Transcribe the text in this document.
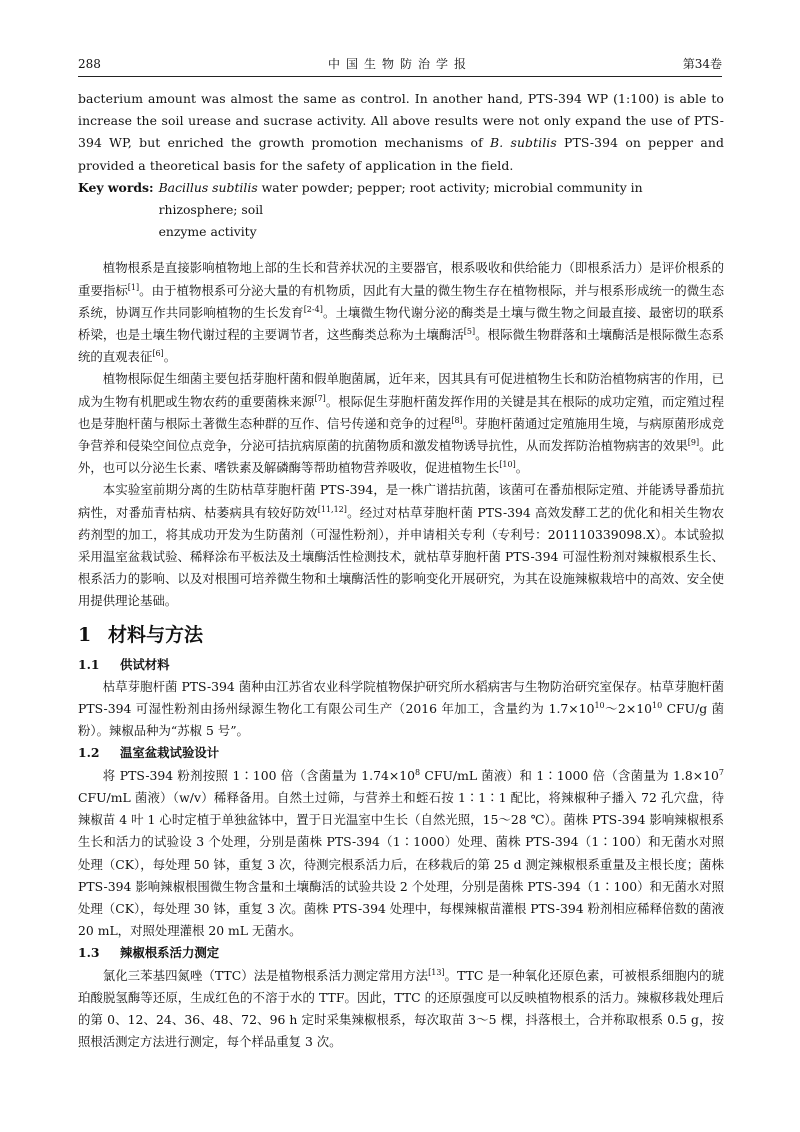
288	中国生物防治学报	第34卷

bacterium amount was almost the same as control. In another hand, PTS-394 WP (1:100) is able to increase the soil urease and sucrase activity. All above results were not only expand the use of PTS-394 WP, but enriched the growth promotion mechanisms of B. subtilis PTS-394 on pepper and provided a theoretical basis for the safety of application in the field.

Key words: Bacillus subtilis water powder; pepper; root activity; microbial community in rhizosphere; soil
enzyme activity

植物根系是直接影响植物地上部的生长和营养状况的主要器官，根系吸收和供给能力（即根系活力）是评价根系的重要指标[1]。由于植物根系可分泌大量的有机物质，因此有大量的微生物生存在植物根际，并与根系形成统一的微生态系统，协调互作共同影响植物的生长发育[2-4]。土壤微生物代谢分泌的酶类是土壤与微生物之间最直接、最密切的联系桥梁，也是土壤生物代谢过程的主要调节者，这些酶类总称为土壤酶活[5]。根际微生物群落和土壤酶活是根际微生态系统的直观表征[6]。

植物根际促生细菌主要包括芽胞杆菌和假单胞菌属，近年来，因其具有可促进植物生长和防治植物病害的作用，已成为生物有机肥或生物农药的重要菌株来源[7]。根际促生芽胞杆菌发挥作用的关键是其在根际的成功定殖，而定殖过程也是芽胞杆菌与根际土著微生态种群的互作、信号传递和竞争的过程[8]。芽胞杆菌通过定殖施用生境，与病原菌形成竞争营养和侵染空间位点竞争，分泌可拮抗病原菌的抗菌物质和激发植物诱导抗性，从而发挥防治植物病害的效果[9]。此外，也可以分泌生长素、嗜铁素及解磷酶等帮助植物营养吸收，促进植物生长[10]。

本实验室前期分离的生防枯草芽胞杆菌 PTS-394，是一株广谱拮抗菌，该菌可在番茄根际定殖、并能诱导番茄抗病性，对番茄青枯病、枯萎病具有较好防效[11,12]。经过对枯草芽胞杆菌 PTS-394 高效发酵工艺的优化和相关生物农药剂型的加工，将其成功开发为生防菌剂（可湿性粉剂），并申请相关专利（专利号：201110339098.X）。本试验拟采用温室盆栽试验、稀释涂布平板法及土壤酶活性检测技术，就枯草芽胞杆菌 PTS-394 可湿性粉剂对辣椒根系生长、根系活力的影响、以及对根围可培养微生物和土壤酶活性的影响变化开展研究，为其在设施辣椒栽培中的高效、安全使用提供理论基础。

1 材料与方法
1.1 供试材料

枯草芽胞杆菌 PTS-394 菌种由江苏省农业科学院植物保护研究所水稻病害与生物防治研究室保存。枯草芽胞杆菌 PTS-394 可湿性粉剂由扬州绿源生物化工有限公司生产（2016 年加工，含量约为 $1.7\times 10^{10}\sim 2\times 10^{10}$ CFU/g 菌粉）。辣椒品种为“苏椒 5 号”。

1.2 温室盆栽试验设计

将 PTS-394 粉剂按照 1∶100 倍（含菌量为 $1.74\times 10^8$ CFU/mL 菌液）和 1∶1000 倍（含菌量为 $1.8\times 10^7$ CFU/mL 菌液）（w/v）稀释备用。自然土过筛，与营养土和蛭石按 1∶1∶1 配比，将辣椒种子播入 72 孔穴盘，待辣椒苗 4 叶 1 心时定植于单独盆钵中，置于日光温室中生长（自然光照，15～28 ℃）。菌株 PTS-394 影响辣椒根系生长和活力的试验设 3 个处理，分别是菌株 PTS-394（1∶1000）处理、菌株 PTS-394（1∶100）和无菌水对照处理（CK），每处理 50 钵，重复 3 次，待测完根系活力后，在移栽后的第 25 d 测定辣椒根系重量及主根长度；菌株 PTS-394 影响辣椒根围微生物含量和土壤酶活的试验共设 2 个处理，分别是菌株 PTS-394（1∶100）和无菌水对照处理（CK），每处理 30 钵，重复 3 次。菌株 PTS-394 处理中，每棵辣椒苗灌根 PTS-394 粉剂相应稀释倍数的菌液 20 mL，对照处理灌根 20 mL 无菌水。

1.3 辣椒根系活力测定

氯化三苯基四氮唑（TTC）法是植物根系活力测定常用方法[13]。TTC 是一种氧化还原色素，可被根系细胞内的琥珀酸脱氢酶等还原，生成红色的不溶于水的 TTF。因此，TTC 的还原强度可以反映植物根系的活力。辣椒移栽处理后的第 0、12、24、36、48、72、96 h 定时采集辣椒根系，每次取苗 3～5 棵，抖落根土，合并称取根系 0.5 g，按照根活测定方法进行测定，每个样品重复 3 次。
